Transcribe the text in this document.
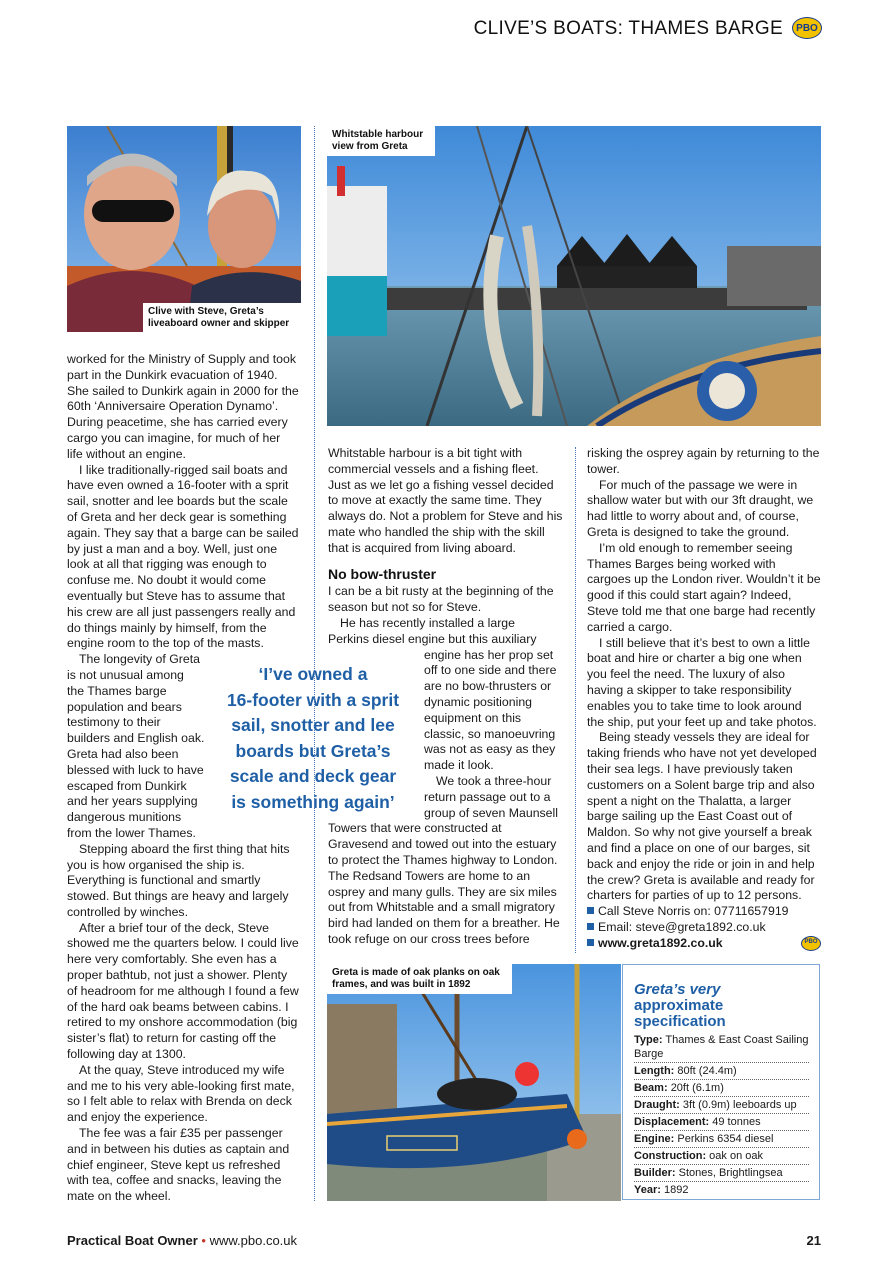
CLIVE’S BOATS: THAMES BARGE	PBO
Clive with Steve, Greta’s liveaboard owner and skipper
Whitstable harbour
view from Greta

worked for the Ministry of Supply and took part in the Dunkirk evacuation of 1940. She sailed to Dunkirk again in 2000 for the 60th ‘Anniversaire Operation Dynamo’. During peacetime, she has carried every cargo you can imagine, for much of her life without an engine.

I like traditionally-rigged sail boats and have even owned a 16-footer with a sprit sail, snotter and lee boards but the scale of Greta and her deck gear is something again. They say that a barge can be sailed by just a man and a boy. Well, just one look at all that rigging was enough to confuse me. No doubt it would come eventually but Steve has to assume that his crew are all just passengers really and do things mainly by himself, from the engine room to the top of the masts.

The longevity of Greta
is not unusual among
the Thames barge
population and bears
testimony to their
builders and English oak.
Greta had also been
blessed with luck to have
escaped from Dunkirk
and her years supplying
dangerous munitions
from the lower Thames.

Stepping aboard the first thing that hits you is how organised the ship is. Everything is functional and smartly stowed. But things are heavy and largely controlled by winches.

After a brief tour of the deck, Steve showed me the quarters below. I could live here very comfortably. She even has a proper bathtub, not just a shower. Plenty of headroom for me although I found a few of the hard oak beams between cabins. I retired to my onshore accommodation (big sister’s flat) to return for casting off the following day at 1300.

At the quay, Steve introduced my wife and me to his very able-looking first mate, so I felt able to relax with Brenda on deck and enjoy the experience.

The fee was a fair £35 per passenger and in between his duties as captain and chief engineer, Steve kept us refreshed with tea, coffee and snacks, leaving the mate on the wheel.

‘I’ve owned a
16-footer with a sprit
sail, snotter and lee
boards but Greta’s
scale and deck gear
is something again’

Whitstable harbour is a bit tight with commercial vessels and a fishing fleet. Just as we let go a fishing vessel decided to move at exactly the same time. They always do. Not a problem for Steve and his mate who handled the ship with the skill that is acquired from living aboard.

No bow-thruster

I can be a bit rusty at the beginning of the season but not so for Steve.

He has recently installed a large

Perkins diesel engine but this auxiliary

engine has her prop set
off to one side and there
are no bow-thrusters or
dynamic positioning
equipment on this
classic, so manoeuvring
was not as easy as they
made it look.
We took a three-hour
return passage out to a
group of seven Maunsell

Towers that were constructed at Gravesend and towed out into the estuary to protect the Thames highway to London. The Redsand Towers are home to an osprey and many gulls. They are six miles out from Whitstable and a small migratory bird had landed on them for a breather. He took refuge on our cross trees before

risking the osprey again by returning to the tower.

For much of the passage we were in shallow water but with our 3ft draught, we had little to worry about and, of course, Greta is designed to take the ground.

I’m old enough to remember seeing Thames Barges being worked with cargoes up the London river. Wouldn’t it be good if this could start again? Indeed, Steve told me that one barge had recently carried a cargo.

I still believe that it’s best to own a little boat and hire or charter a big one when you feel the need. The luxury of also having a skipper to take responsibility enables you to take time to look around the ship, put your feet up and take photos.

Being steady vessels they are ideal for taking friends who have not yet developed their sea legs. I have previously taken customers on a Solent barge trip and also spent a night on the Thalatta, a larger barge sailing up the East Coast out of Maldon. So why not give yourself a break and find a place on one of our barges, sit back and enjoy the ride or join in and help the crew? Greta is available and ready for charters for parties of up to 12 persons.

Call Steve Norris on: 07711657919
Email: steve@greta1892.co.uk
www.greta1892.co.uk	PBO
Greta is made of oak planks on oak
frames, and was built in 1892	Greta’s very
approximate
specification
Type: Thames & East Coast Sailing Barge
Length: 80ft (24.4m)
Beam: 20ft (6.1m)
Draught: 3ft (0.9m) leeboards up
Displacement: 49 tonnes
Engine: Perkins 6354 diesel
Construction: oak on oak
Builder: Stones, Brightlingsea
Year: 1892
Practical Boat Owner • www.pbo.co.uk	21
